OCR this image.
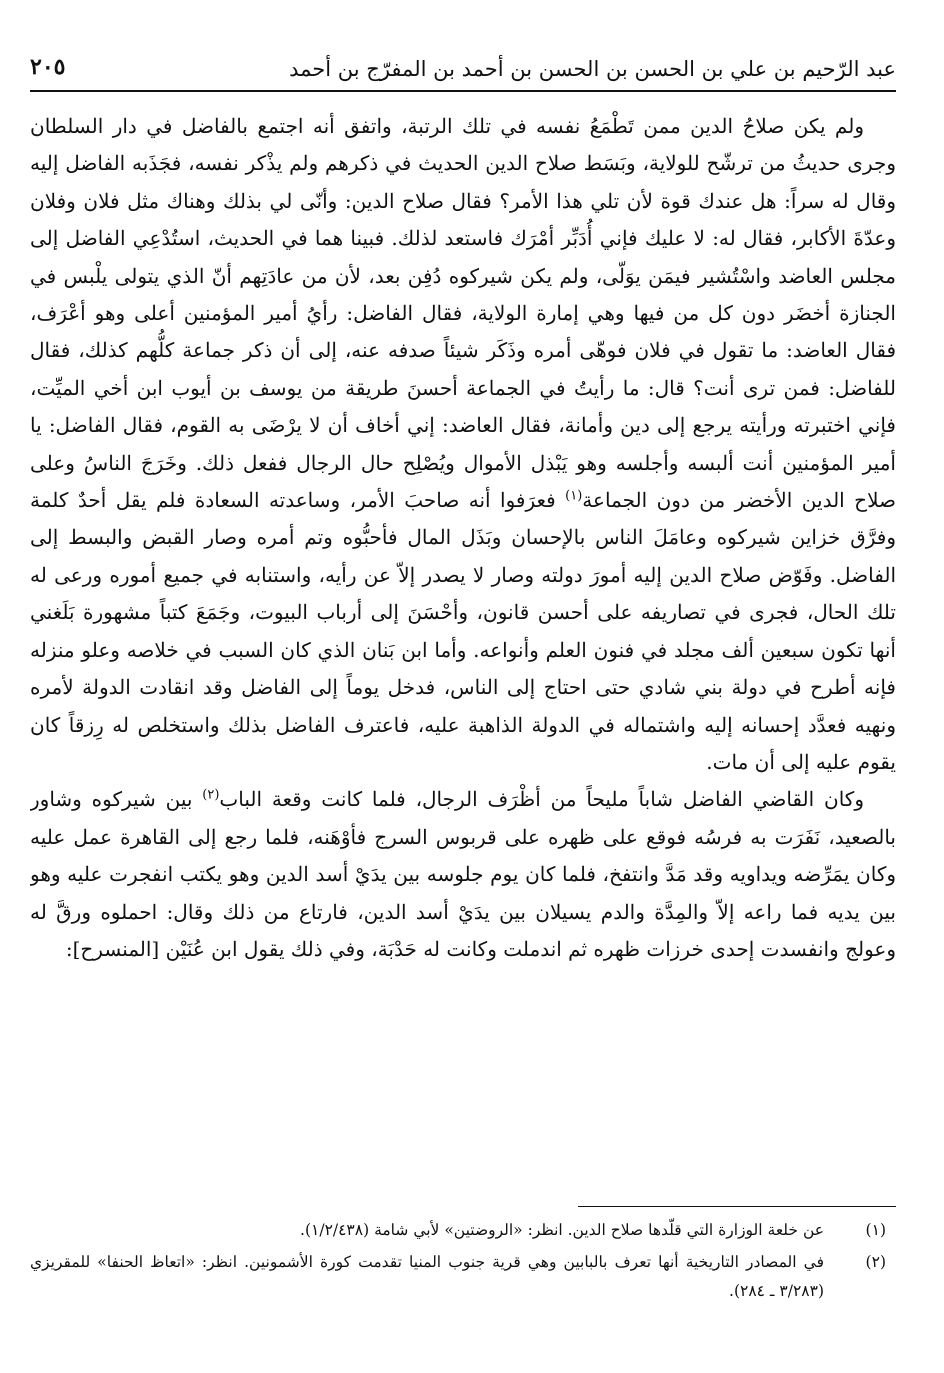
عبد الرّحيم بن علي بن الحسن بن الحسن بن أحمد بن المفرّج بن أحمد
٢٠٥

ولم يكن صلاحُ الدين ممن تَطْمَعُ نفسه في تلك الرتبة، واتفق أنه اجتمع بالفاضل في دار السلطان وجرى حديثُ من ترشّح للولاية، وبَسَط صلاح الدين الحديث في ذكرهم ولم يذْكر نفسه، فجَذَبه الفاضل إليه وقال له سراً: هل عندك قوة لأن تلي هذا الأمر؟ فقال صلاح الدين: وأنّى لي بذلك وهناك مثل فلان وفلان وعدّةَ الأكابر، فقال له: لا عليك فإني أُدَبِّر أمْرَك فاستعد لذلك. فبينا هما في الحديث، استُدْعِي الفاضل إلى مجلس العاضد واسْتُشير فيمَن يوَلّى، ولم يكن شيركوه دُفِن بعد، لأن من عادَتِهم أنّ الذي يتولى يلْبس في الجنازة أخضَر دون كل من فيها وهي إمارة الولاية، فقال الفاضل: رأيُ أمير المؤمنين أعلى وهو أعْرَف، فقال العاضد: ما تقول في فلان فوهّى أمره وذَكَر شيئاً صدفه عنه، إلى أن ذكر جماعة كلُّهم كذلك، فقال للفاضل: فمن ترى أنت؟ قال: ما رأيتُ في الجماعة أحسنَ طريقة من يوسف بن أيوب ابن أخي الميِّت، فإني اختبرته ورأيته يرجع إلى دين وأمانة، فقال العاضد: إني أخاف أن لا يرْضَى به القوم، فقال الفاضل: يا أمير المؤمنين أنت ألبسه وأجلسه وهو يَبْذل الأموال ويُصْلِح حال الرجال ففعل ذلك. وخَرَجَ الناسُ وعلى صلاح الدين الأخضر من دون الجماعة$^{(١)}$ فعرَفوا أنه صاحبَ الأمر، وساعدته السعادة فلم يقل أحدٌ كلمة وفرَّق خزاين شيركوه وعامَلَ الناس بالإحسان وبَذَل المال فأحبُّوه وتم أمره وصار القبض والبسط إلى الفاضل. وفَوّض صلاح الدين إليه أمورَ دولته وصار لا يصدر إلاّ عن رأيه، واستنابه في جميع أموره ورعى له تلك الحال، فجرى في تصاريفه على أحسن قانون، وأحْسَنَ إلى أرباب البيوت، وجَمَعَ كتباً مشهورة بَلَغني أنها تكون سبعين ألف مجلد في فنون العلم وأنواعه. وأما ابن بَنان الذي كان السبب في خلاصه وعلو منزله فإنه أطرح في دولة بني شادي حتى احتاج إلى الناس، فدخل يوماً إلى الفاضل وقد انقادت الدولة لأمره ونهيه فعدَّد إحسانه إليه واشتماله في الدولة الذاهبة عليه، فاعترف الفاضل بذلك واستخلص له رِزقاً كان يقوم عليه إلى أن مات.

وكان القاضي الفاضل شاباً مليحاً من أظْرَف الرجال، فلما كانت وقعة الباب$^{(٢)}$ بين شيركوه وشاور بالصعيد، نَفَرَت به فرسُه فوقع على ظهره على قربوس السرج فأوْهَنه، فلما رجع إلى القاهرة عمل عليه وكان يمَرِّضه ويداويه وقد مَدَّ وانتفخ، فلما كان يوم جلوسه بين يدَيْ أسد الدين وهو يكتب انفجرت عليه وهو بين يديه فما راعه إلاّ والمِدَّة والدم يسيلان بين يدَيْ أسد الدين، فارتاع من ذلك وقال: احملوه ورقَّ له وعولج وانفسدت إحدى خرزات ظهره ثم اندملت وكانت له حَدْبَة، وفي ذلك يقول ابن عُنَيْن [المنسرح]:

(١)
عن خلعة الوزارة التي قلّدها صلاح الدين. انظر: «الروضتين» لأبي شامة (١/٢/٤٣٨).
(٢)
في المصادر التاريخية أنها تعرف بالبابين وهي قرية جنوب المنيا تقدمت كورة الأشمونين. انظر: «اتعاظ الحنفا» للمقريزي (٣/٢٨٣ ـ ٢٨٤).
